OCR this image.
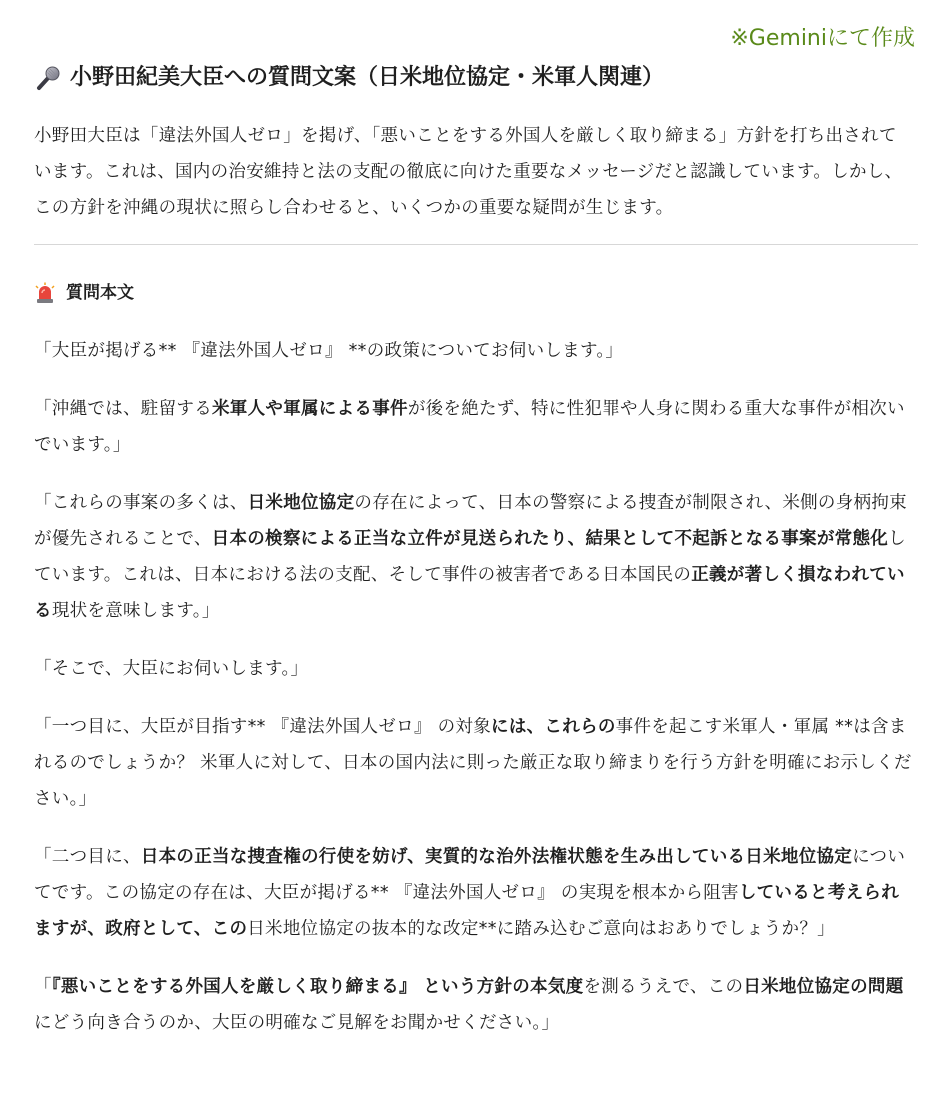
※Geminiにて作成
小野田紀美大臣への質問文案（日米地位協定・米軍人関連）
小野田大臣は「違法外国人ゼロ」を掲げ、「悪いことをする外国人を厳しく取り締まる」方針を打ち出されています。これは、国内の治安維持と法の支配の徹底に向けた重要なメッセージだと認識しています。しかし、この方針を沖縄の現状に照らし合わせると、いくつかの重要な疑問が生じます。
質問本文

「大臣が掲げる** 『違法外国人ゼロ』 **の政策についてお伺いします。」

「沖縄では、駐留する米軍人や軍属による事件が後を絶たず、特に性犯罪や人身に関わる重大な事件が相次いでいます。」

「これらの事案の多くは、日米地位協定の存在によって、日本の警察による捜査が制限され、米側の身柄拘束が優先されることで、日本の検察による正当な立件が見送られたり、結果として不起訴となる事案が常態化しています。これは、日本における法の支配、そして事件の被害者である日本国民の正義が著しく損なわれている現状を意味します。」

「そこで、大臣にお伺いします。」

「一つ目に、大臣が目指す** 『違法外国人ゼロ』 の対象には、これらの事件を起こす米軍人・軍属 **は含まれるのでしょうか？ 米軍人に対して、日本の国内法に則った厳正な取り締まりを行う方針を明確にお示しください。」

「二つ目に、日本の正当な捜査権の行使を妨げ、実質的な治外法権状態を生み出している日米地位協定についてです。この協定の存在は、大臣が掲げる** 『違法外国人ゼロ』 の実現を根本から阻害していると考えられますが、政府として、この日米地位協定の抜本的な改定**に踏み込むご意向はおありでしょうか？」

「『悪いことをする外国人を厳しく取り締まる』 という方針の本気度を測るうえで、この日米地位協定の問題にどう向き合うのか、大臣の明確なご見解をお聞かせください。」
